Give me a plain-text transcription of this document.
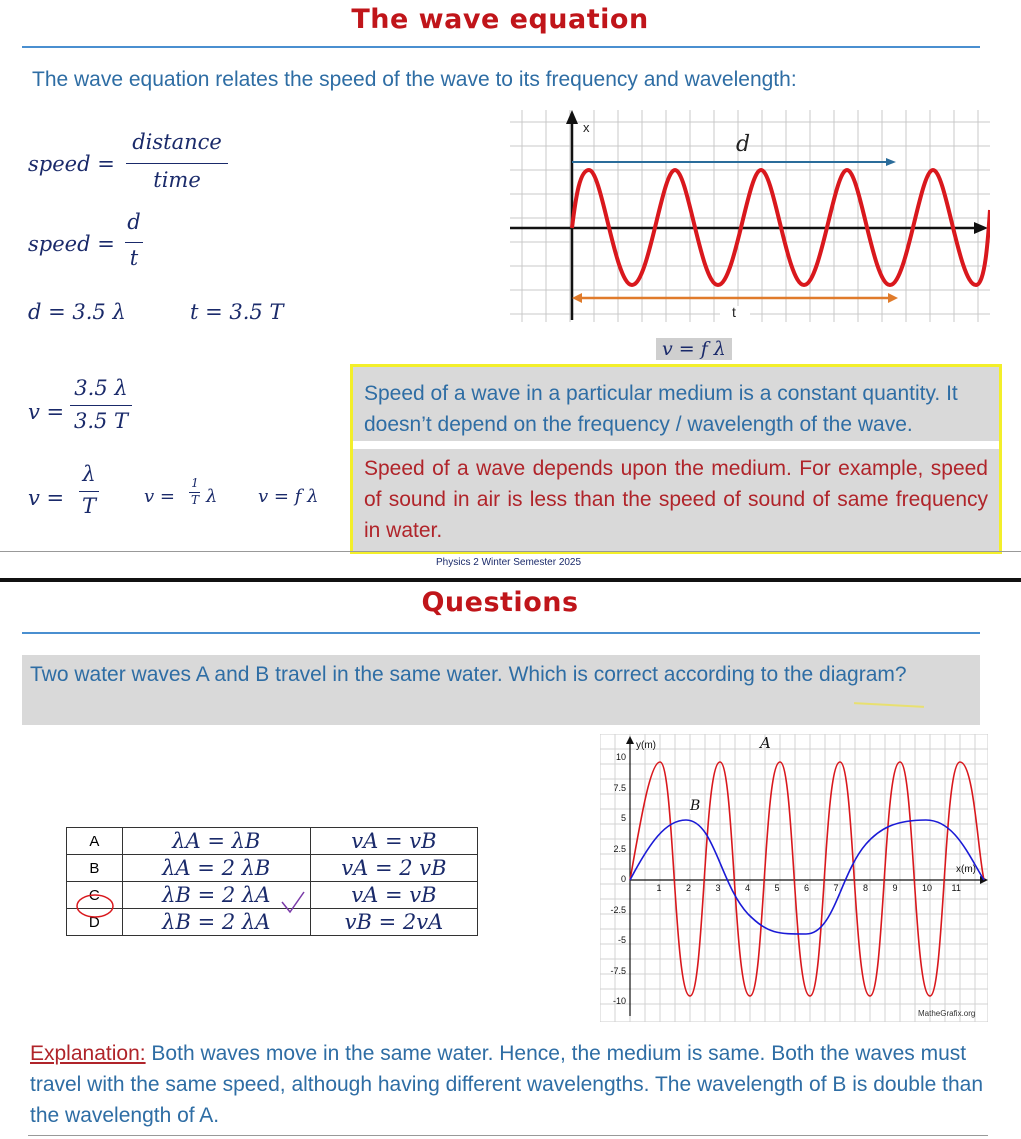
The wave equation
The wave equation relates the speed of the wave to its frequency and wavelength:
speed =
distance
time
speed =
d
t
d = 3.5 λ	t = 3.5 T
v =
3.5 λ
3.5 T
v =
λ
T	v =
1
T λ v = f λ
x
d
t
v = f λ
Speed of a wave in a particular medium is a constant quantity. It doesn’t depend on the frequency / wavelength of the wave.
Speed of a wave depends upon the medium. For example, speed of sound in air is less than the speed of sound of same frequency in water.
Physics 2 Winter Semester 2025
Questions
Two water waves A and B travel in the same water. Which is correct according to the diagram?
A	λA = λB	vA = vB
B	λA = 2 λB	vA = 2 vB
C	λB = 2 λA	vA = vB
D	λB = 2 λA	vB = 2vA
y(m)
x(m)
A
B
MatheGrafix.org
10
7.5
5
2.5
0
-2.5
-5
-7.5
-10
1	2	3	4	5	6	7	8	9	10 11
Explanation: Both waves move in the same water. Hence, the medium is same. Both the waves must travel with the same speed, although having different wavelengths. The wavelength of B is double than the wavelength of A.
